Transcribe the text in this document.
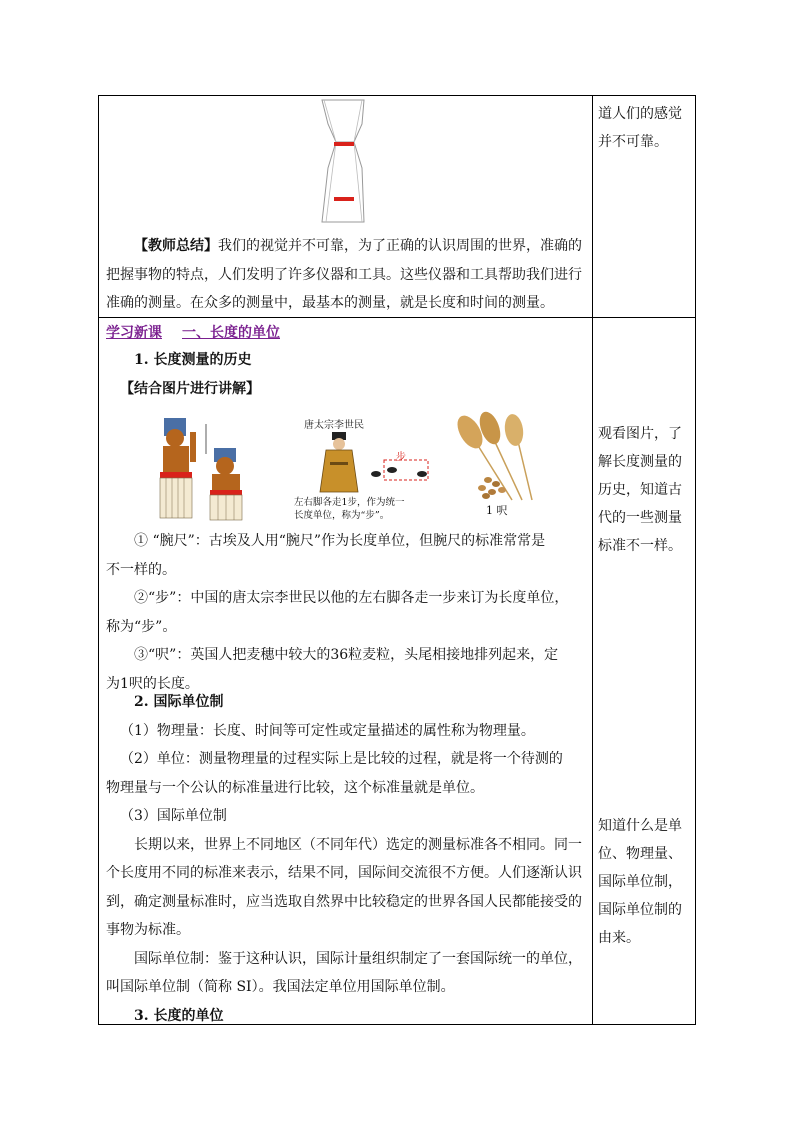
道人们的感觉

并不可靠。

【教师总结】我们的视觉并不可靠，为了正确的认识周围的世界，准确的

把握事物的特点，人们发明了许多仪器和工具。这些仪器和工具帮助我们进行

准确的测量。在众多的测量中，最基本的测量，就是长度和时间的测量。

学习新课 一、长度的单位

1. 长度测量的历史

【结合图片进行讲解】

唐太宗李世民
步
左右脚各走1步，作为统一
长度单位，称为“步”。	1 呎

观看图片，了

解长度测量的

历史，知道古

代的一些测量

标准不一样。

① “腕尺”：古埃及人用“腕尺”作为长度单位，但腕尺的标准常常是

不一样的。

②“步”：中国的唐太宗李世民以他的左右脚各走一步来订为长度单位，

称为“步”。

③“呎”：英国人把麦穗中较大的36粒麦粒，头尾相接地排列起来，定

为1呎的长度。

2. 国际单位制

（1）物理量：长度、时间等可定性或定量描述的属性称为物理量。

（2）单位：测量物理量的过程实际上是比较的过程，就是将一个待测的

物理量与一个公认的标准量进行比较，这个标准量就是单位。

（3）国际单位制

长期以来，世界上不同地区（不同年代）选定的测量标准各不相同。同一

个长度用不同的标准来表示，结果不同，国际间交流很不方便。人们逐渐认识

到，确定测量标准时，应当选取自然界中比较稳定的世界各国人民都能接受的

事物为标准。

国际单位制：鉴于这种认识，国际计量组织制定了一套国际统一的单位，

叫国际单位制（简称 SI）。我国法定单位用国际单位制。

3. 长度的单位

知道什么是单

位、物理量、

国际单位制，

国际单位制的

由来。
